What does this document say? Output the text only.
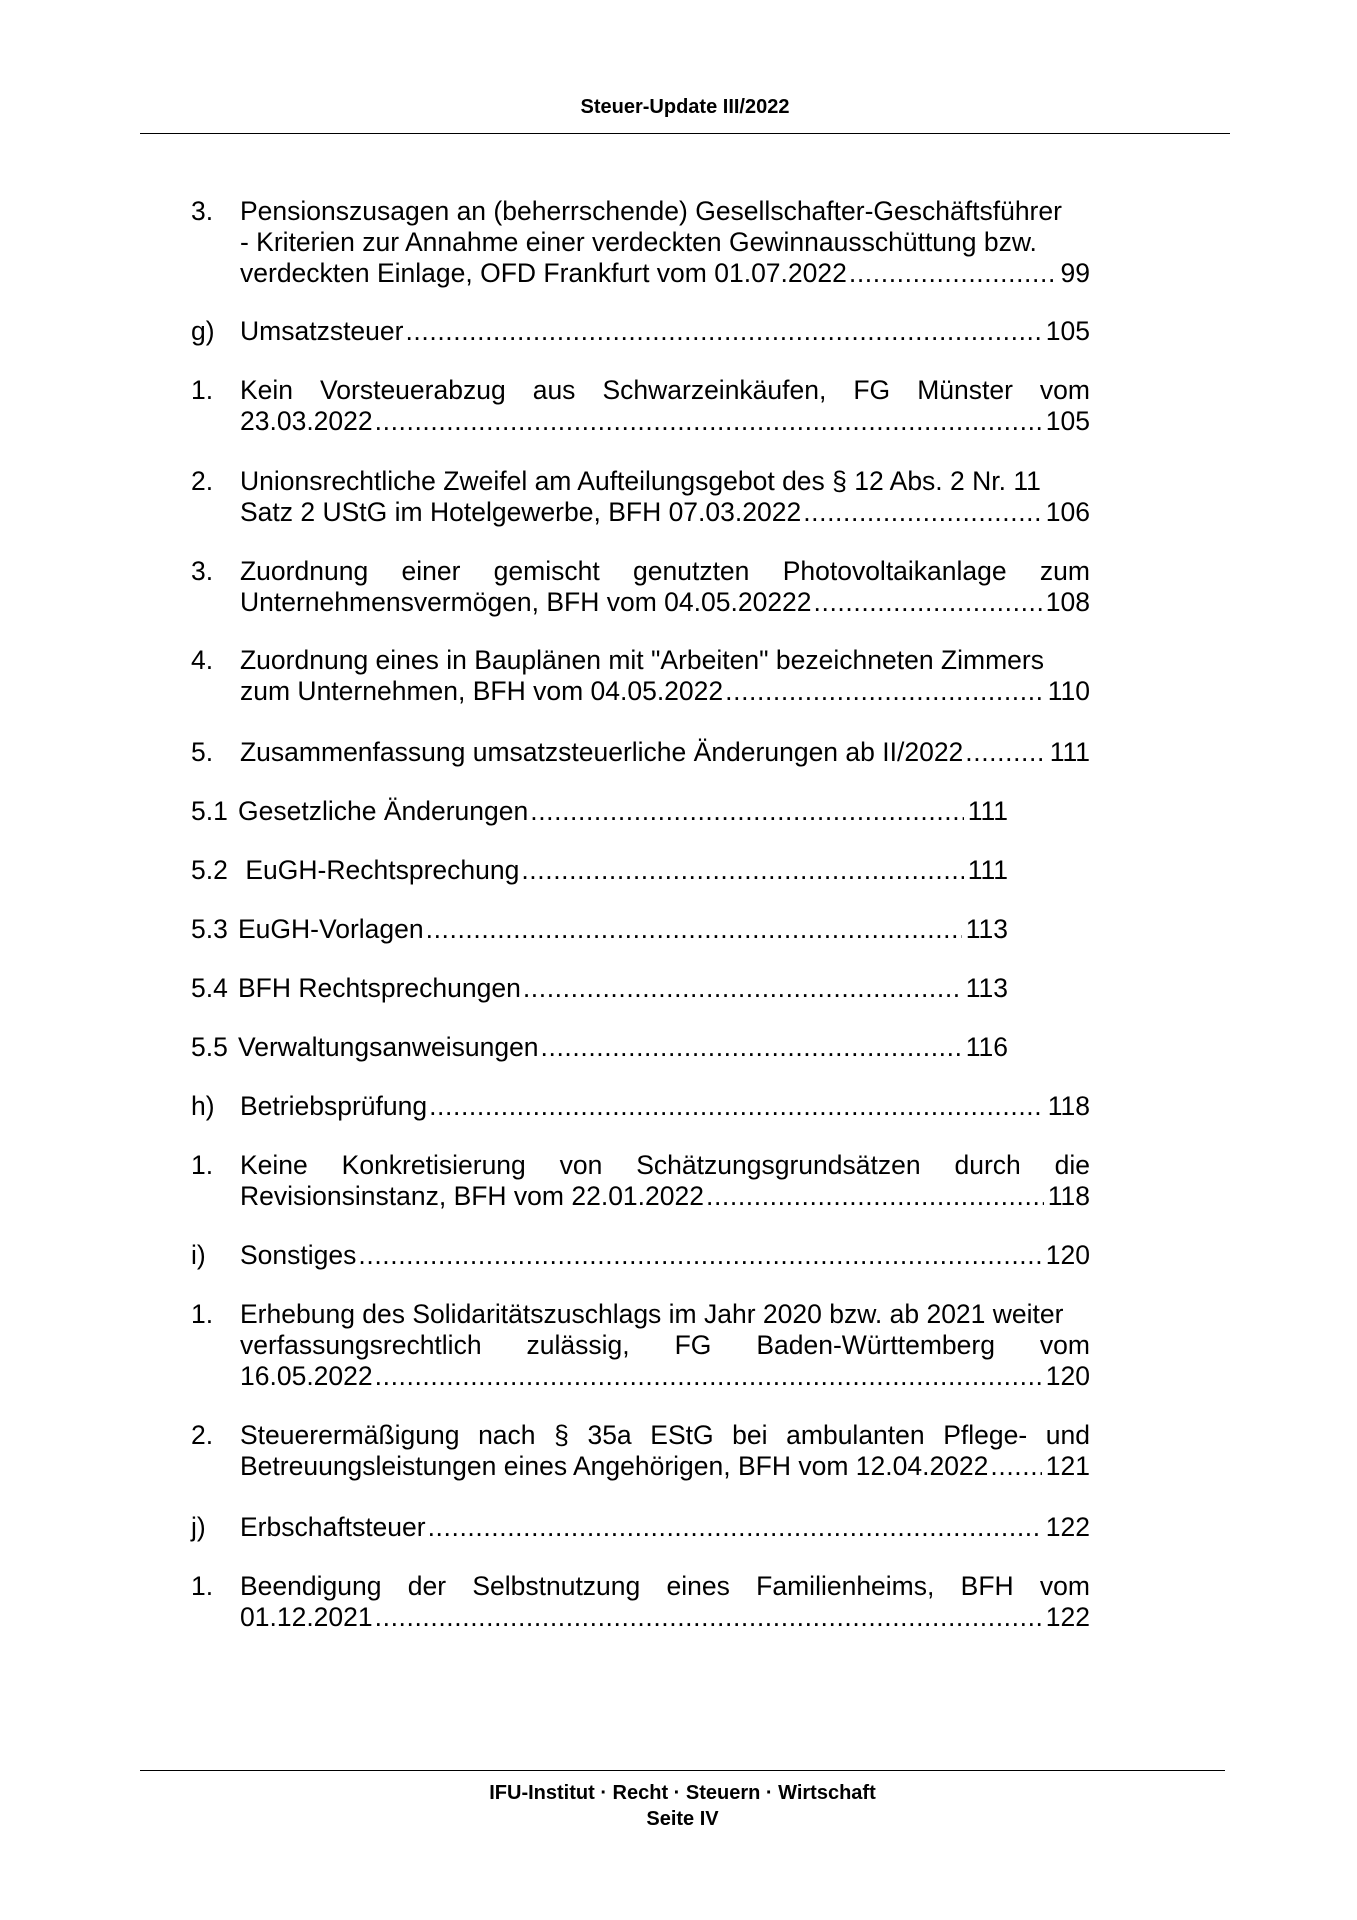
Steuer-Update III/2022
3. Pensionszusagen an (beherrschende) Gesellschafter-Geschäftsführer
- Kriterien zur Annahme einer verdeckten Gewinnausschüttung bzw.
verdeckten Einlage, OFD Frankfurt vom 01.07.2022 .....	99
g) Umsatzsteuer .....	105
1. Kein Vorsteuerabzug aus Schwarzeinkäufen, FG Münster vom
23.03.2022 .....	105
2. Unionsrechtliche Zweifel am Aufteilungsgebot des § 12 Abs. 2 Nr. 11
Satz 2 UStG im Hotelgewerbe, BFH 07.03.2022 .....	106
3. Zuordnung einer gemischt genutzten Photovoltaikanlage zum
Unternehmensvermögen, BFH vom 04.05.20222 .....	108
4. Zuordnung eines in Bauplänen mit "Arbeiten" bezeichneten Zimmers
zum Unternehmen, BFH vom 04.05.2022 .....	110
5. Zusammenfassung umsatzsteuerliche Änderungen ab II/2022 .....	111
5.1 Gesetzliche Änderungen .....	111
5.2 EuGH-Rechtsprechung .....	111
5.3 EuGH-Vorlagen .....	113
5.4 BFH Rechtsprechungen .....	113
5.5 Verwaltungsanweisungen .....	116
h) Betriebsprüfung .....	118
1. Keine Konkretisierung von Schätzungsgrundsätzen durch die
Revisionsinstanz, BFH vom 22.01.2022 .....	118
i) Sonstiges .....	120
1. Erhebung des Solidaritätszuschlags im Jahr 2020 bzw. ab 2021 weiter
verfassungsrechtlich zulässig, FG Baden-Württemberg vom
16.05.2022 .....	120
2. Steuerermäßigung nach § 35a EStG bei ambulanten Pflege- und
Betreuungsleistungen eines Angehörigen, BFH vom 12.04.2022 ..... 121
j) Erbschaftsteuer .....	122
1. Beendigung der Selbstnutzung eines Familienheims, BFH vom
01.12.2021 .....	122
IFU-Institut · Recht · Steuern · Wirtschaft
Seite IV
